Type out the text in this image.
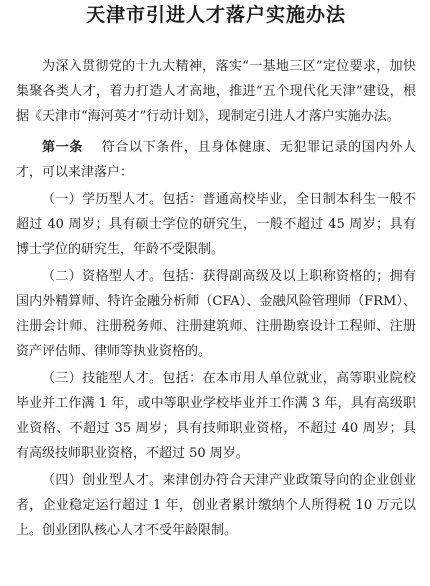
天津市引进人才落户实施办法

为深入贯彻党的十九大精神，落实“一基地三区”定位要求，加快集聚各类人才，着力打造人才高地，推进“五个现代化天津”建设，根据《天津市“海河英才”行动计划》，现制定引进人才落户实施办法。

第一条   符合以下条件，且身体健康、无犯罪记录的国内外人才，可以来津落户：

（一）学历型人才。包括：普通高校毕业，全日制本科生一般不超过 40 周岁；具有硕士学位的研究生，一般不超过 45 周岁；具有博士学位的研究生，年龄不受限制。

（二）资格型人才。包括：获得副高级及以上职称资格的；拥有国内外精算师、特许金融分析师（CFA）、金融风险管理师（FRM）、注册会计师、注册税务师、注册建筑师、注册勘察设计工程师、注册资产评估师、律师等执业资格的。

（三）技能型人才。包括：在本市用人单位就业，高等职业院校毕业并工作满 1 年，或中等职业学校毕业并工作满 3 年，具有高级职业资格、不超过 35 周岁；具有技师职业资格，不超过 40 周岁；具有高级技师职业资格，不超过 50 周岁。

（四）创业型人才。来津创办符合天津产业政策导向的企业创业者，企业稳定运行超过 1 年，创业者累计缴纳个人所得税 10 万元以上。创业团队核心人才不受年龄限制。
